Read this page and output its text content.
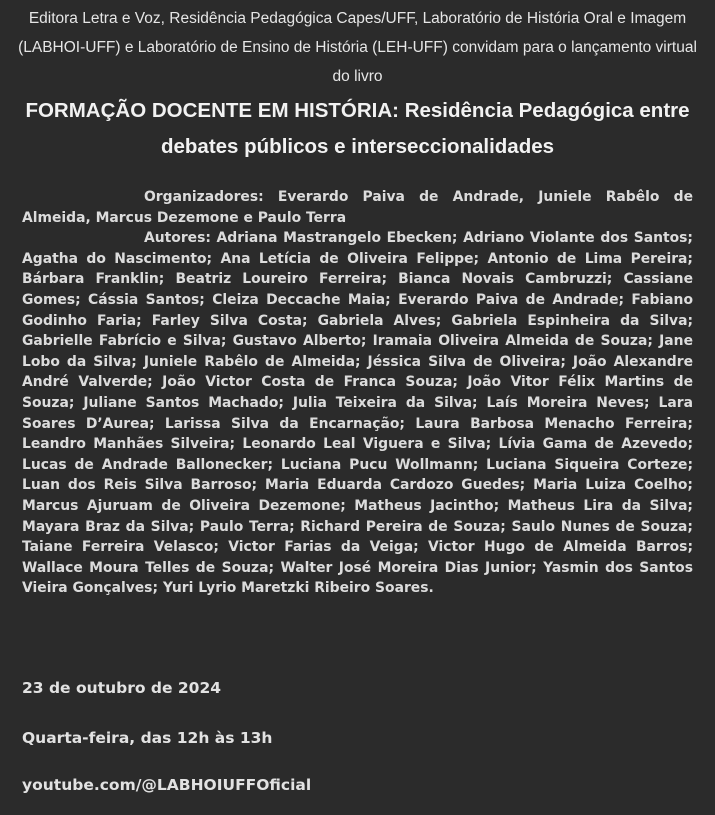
Editora Letra e Voz, Residência Pedagógica Capes/UFF, Laboratório de História Oral e Imagem (LABHOI-UFF) e Laboratório de Ensino de História (LEH-UFF) convidam para o lançamento virtual do livro
FORMAÇÃO DOCENTE EM HISTÓRIA: Residência Pedagógica entre debates públicos e interseccionalidades

Organizadores: Everardo Paiva de Andrade, Juniele Rabêlo de Almeida, Marcus Dezemone e Paulo Terra

Autores: Adriana Mastrangelo Ebecken; Adriano Violante dos Santos; Agatha do Nascimento; Ana Letícia de Oliveira Felippe; Antonio de Lima Pereira; Bárbara Franklin; Beatriz Loureiro Ferreira; Bianca Novais Cambruzzi; Cassiane Gomes; Cássia Santos; Cleiza Deccache Maia; Everardo Paiva de Andrade; Fabiano Godinho Faria; Farley Silva Costa; Gabriela Alves; Gabriela Espinheira da Silva; Gabrielle Fabrício e Silva; Gustavo Alberto; Iramaia Oliveira Almeida de Souza; Jane Lobo da Silva; Juniele Rabêlo de Almeida; Jéssica Silva de Oliveira; João Alexandre André Valverde; João Victor Costa de Franca Souza; João Vitor Félix Martins de Souza; Juliane Santos Machado; Julia Teixeira da Silva; Laís Moreira Neves; Lara Soares D’Aurea; Larissa Silva da Encarnação; Laura Barbosa Menacho Ferreira; Leandro Manhães Silveira; Leonardo Leal Viguera e Silva; Lívia Gama de Azevedo; Lucas de Andrade Ballonecker; Luciana Pucu Wollmann; Luciana Siqueira Corteze; Luan dos Reis Silva Barroso; Maria Eduarda Cardozo Guedes; Maria Luiza Coelho; Marcus Ajuruam de Oliveira Dezemone; Matheus Jacintho; Matheus Lira da Silva; Mayara Braz da Silva; Paulo Terra; Richard Pereira de Souza; Saulo Nunes de Souza; Taiane Ferreira Velasco; Victor Farias da Veiga; Victor Hugo de Almeida Barros; Wallace Moura Telles de Souza; Walter José Moreira Dias Junior; Yasmin dos Santos Vieira Gonçalves; Yuri Lyrio Maretzki Ribeiro Soares.

23 de outubro de 2024
Quarta-feira, das 12h às 13h
youtube.com/@LABHOIUFFOficial
